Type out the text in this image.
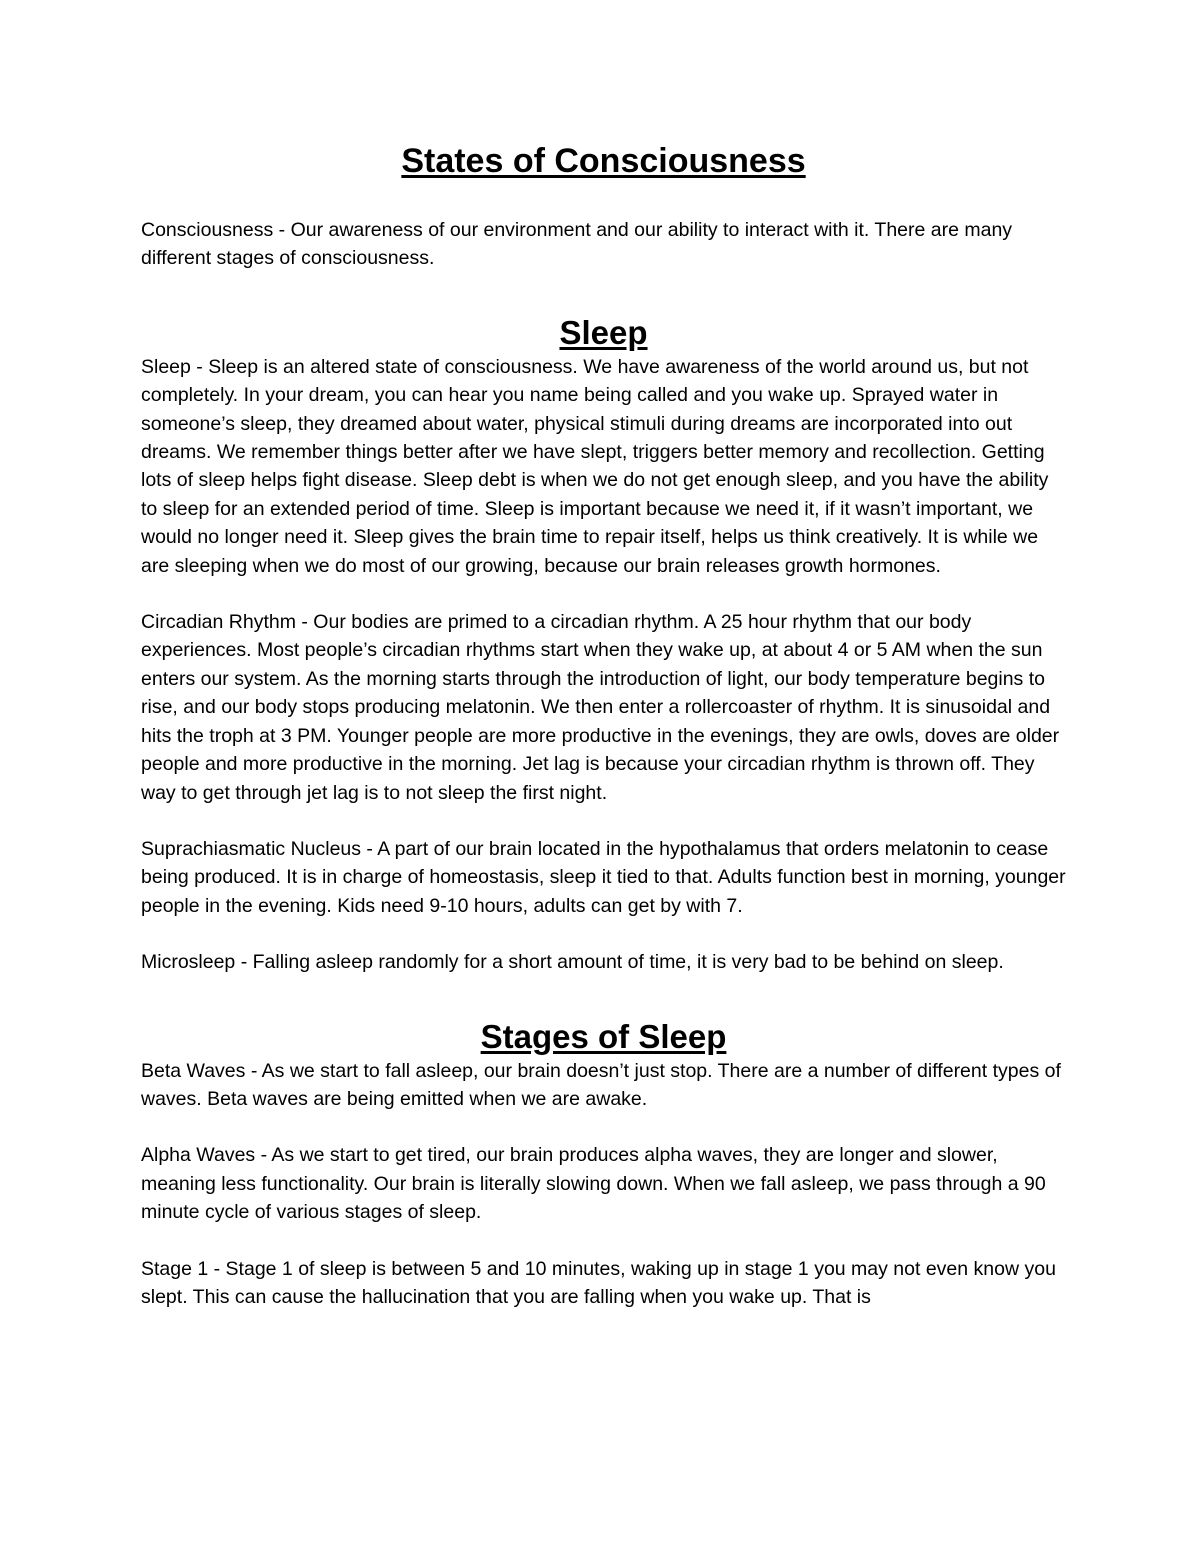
States of Consciousness

Consciousness - Our awareness of our environment and our ability to interact with it. There are many different stages of consciousness.

Sleep

Sleep - Sleep is an altered state of consciousness. We have awareness of the world around us, but not completely. In your dream, you can hear you name being called and you wake up. Sprayed water in someone’s sleep, they dreamed about water, physical stimuli during dreams are incorporated into out dreams. We remember things better after we have slept, triggers better memory and recollection. Getting lots of sleep helps fight disease. Sleep debt is when we do not get enough sleep, and you have the ability to sleep for an extended period of time. Sleep is important because we need it, if it wasn’t important, we would no longer need it. Sleep gives the brain time to repair itself, helps us think creatively. It is while we are sleeping when we do most of our growing, because our brain releases growth hormones.

Circadian Rhythm - Our bodies are primed to a circadian rhythm. A 25 hour rhythm that our body experiences. Most people’s circadian rhythms start when they wake up, at about 4 or 5 AM when the sun enters our system. As the morning starts through the introduction of light, our body temperature begins to rise, and our body stops producing melatonin. We then enter a rollercoaster of rhythm. It is sinusoidal and hits the troph at 3 PM. Younger people are more productive in the evenings, they are owls, doves are older people and more productive in the morning. Jet lag is because your circadian rhythm is thrown off. They way to get through jet lag is to not sleep the first night.

Suprachiasmatic Nucleus - A part of our brain located in the hypothalamus that orders melatonin to cease being produced. It is in charge of homeostasis, sleep it tied to that. Adults function best in morning, younger people in the evening. Kids need 9-10 hours, adults can get by with 7.

Microsleep - Falling asleep randomly for a short amount of time, it is very bad to be behind on sleep.

Stages of Sleep

Beta Waves - As we start to fall asleep, our brain doesn’t just stop. There are a number of different types of waves. Beta waves are being emitted when we are awake.

Alpha Waves - As we start to get tired, our brain produces alpha waves, they are longer and slower, meaning less functionality. Our brain is literally slowing down. When we fall asleep, we pass through a 90 minute cycle of various stages of sleep.

Stage 1 - Stage 1 of sleep is between 5 and 10 minutes, waking up in stage 1 you may not even know you slept. This can cause the hallucination that you are falling when you wake up. That is
